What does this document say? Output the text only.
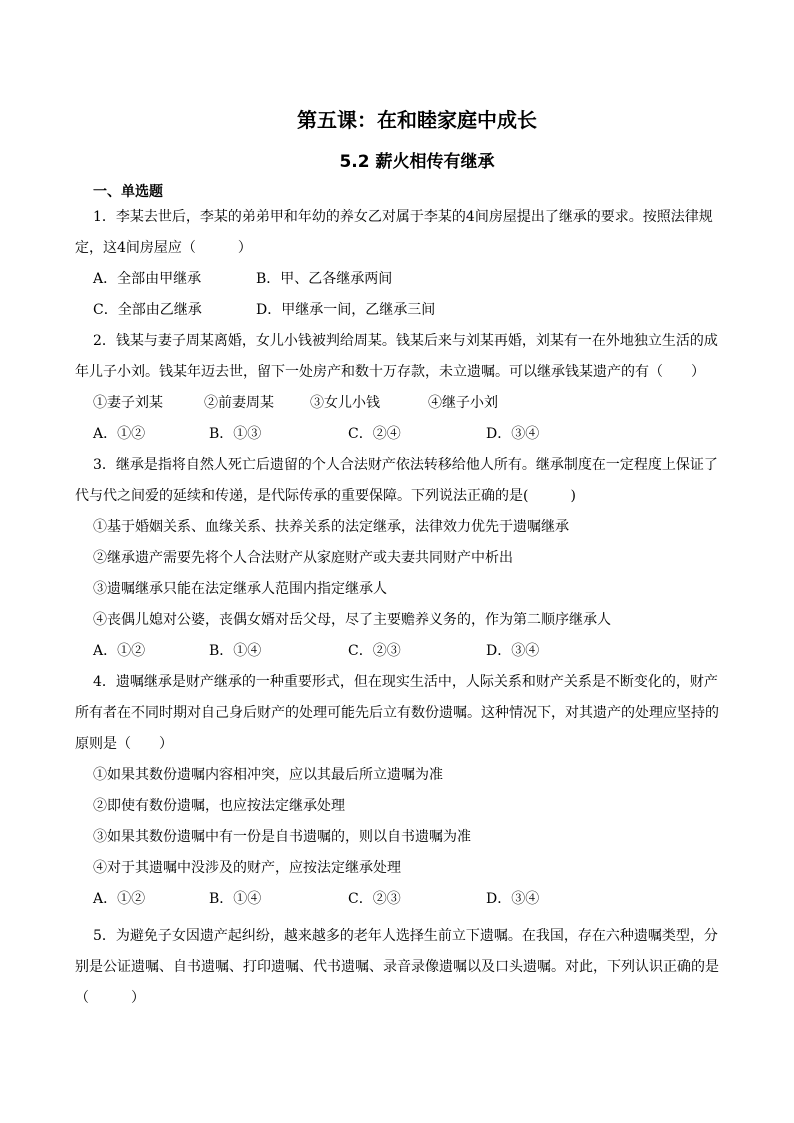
第五课：在和睦家庭中成长
5.2 薪火相传有继承
一、单选题
1．李某去世后，李某的弟弟甲和年幼的养女乙对属于李某的4间房屋提出了继承的要求。按照法律规
定，这4间房屋应（　　　）
A．全部由甲继承	B．甲、乙各继承两间
C．全部由乙继承	D．甲继承一间，乙继承三间
2．钱某与妻子周某离婚，女儿小钱被判给周某。钱某后来与刘某再婚，刘某有一在外地独立生活的成
年儿子小刘。钱某年迈去世，留下一处房产和数十万存款，未立遗嘱。可以继承钱某遗产的有（　　）
①妻子刘某	②前妻周某	③女儿小钱	④继子小刘
A．①②	B．①③	C．②④	D．③④
3．继承是指将自然人死亡后遗留的个人合法财产依法转移给他人所有。继承制度在一定程度上保证了
代与代之间爱的延续和传递，是代际传承的重要保障。下列说法正确的是(　　　)
①基于婚姻关系、血缘关系、扶养关系的法定继承，法律效力优先于遗嘱继承
②继承遗产需要先将个人合法财产从家庭财产或夫妻共同财产中析出
③遗嘱继承只能在法定继承人范围内指定继承人
④丧偶儿媳对公婆，丧偶女婿对岳父母，尽了主要赡养义务的，作为第二顺序继承人
A．①②	B．①④	C．②③	D．③④
4．遗嘱继承是财产继承的一种重要形式，但在现实生活中，人际关系和财产关系是不断变化的，财产
所有者在不同时期对自己身后财产的处理可能先后立有数份遗嘱。这种情况下，对其遗产的处理应坚持的
原则是（　　）
①如果其数份遗嘱内容相冲突，应以其最后所立遗嘱为准
②即使有数份遗嘱，也应按法定继承处理
③如果其数份遗嘱中有一份是自书遗嘱的，则以自书遗嘱为准
④对于其遗嘱中没涉及的财产，应按法定继承处理
A．①②	B．①④	C．②③	D．③④
5．为避免子女因遗产起纠纷，越来越多的老年人选择生前立下遗嘱。在我国，存在六种遗嘱类型，分
别是公证遗嘱、自书遗嘱、打印遗嘱、代书遗嘱、录音录像遗嘱以及口头遗嘱。对此，下列认识正确的是
（　　　）
